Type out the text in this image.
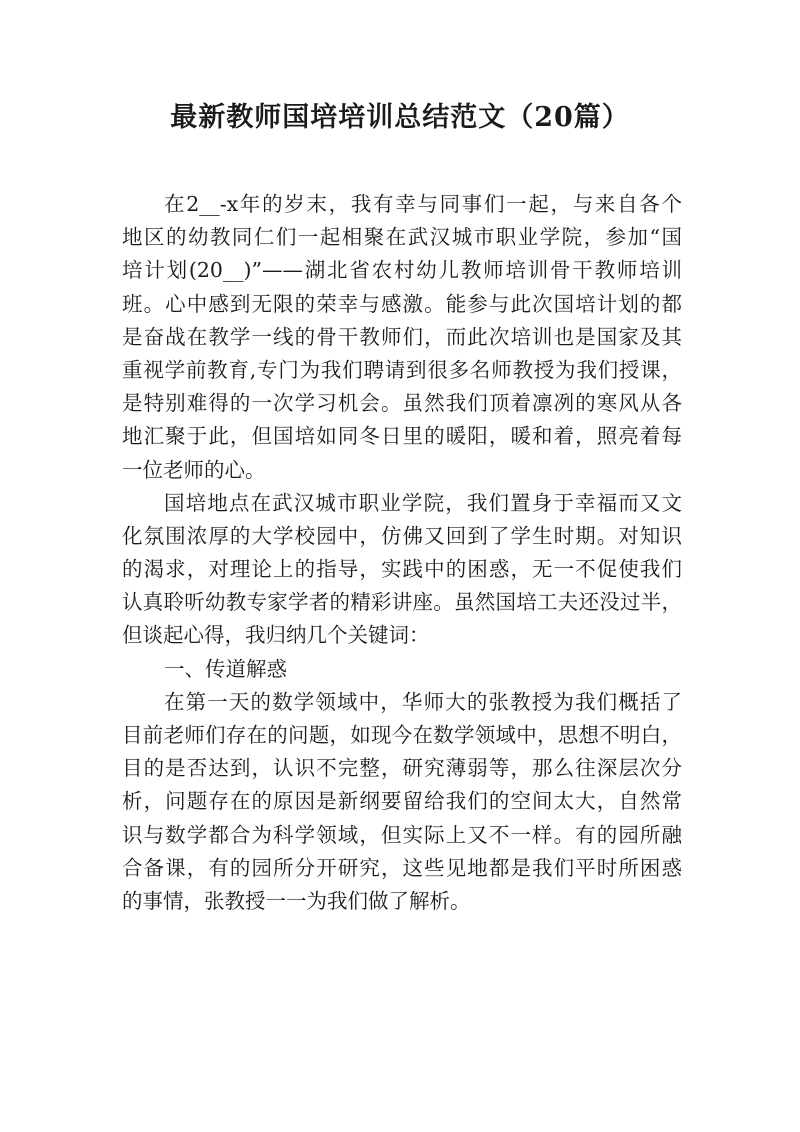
最新教师国培培训总结范文（20篇）
在2__-x年的岁末，我有幸与同事们一起，与来自各个
地区的幼教同仁们一起相聚在武汉城市职业学院，参加“国
培计划(20__)”——湖北省农村幼儿教师培训骨干教师培训
班。心中感到无限的荣幸与感激。能参与此次国培计划的都
是奋战在教学一线的骨干教师们，而此次培训也是国家及其
重视学前教育,专门为我们聘请到很多名师教授为我们授课，
是特别难得的一次学习机会。虽然我们顶着凛冽的寒风从各
地汇聚于此，但国培如同冬日里的暖阳，暖和着，照亮着每
一位老师的心。
国培地点在武汉城市职业学院，我们置身于幸福而又文
化氛围浓厚的大学校园中，仿佛又回到了学生时期。对知识
的渴求，对理论上的指导，实践中的困惑，无一不促使我们
认真聆听幼教专家学者的精彩讲座。虽然国培工夫还没过半，
但谈起心得，我归纳几个关键词：
一、传道解惑
在第一天的数学领域中，华师大的张教授为我们概括了
目前老师们存在的问题，如现今在数学领域中，思想不明白，
目的是否达到，认识不完整，研究薄弱等，那么往深层次分
析，问题存在的原因是新纲要留给我们的空间太大，自然常
识与数学都合为科学领域，但实际上又不一样。有的园所融
合备课，有的园所分开研究，这些见地都是我们平时所困惑
的事情，张教授一一为我们做了解析。
